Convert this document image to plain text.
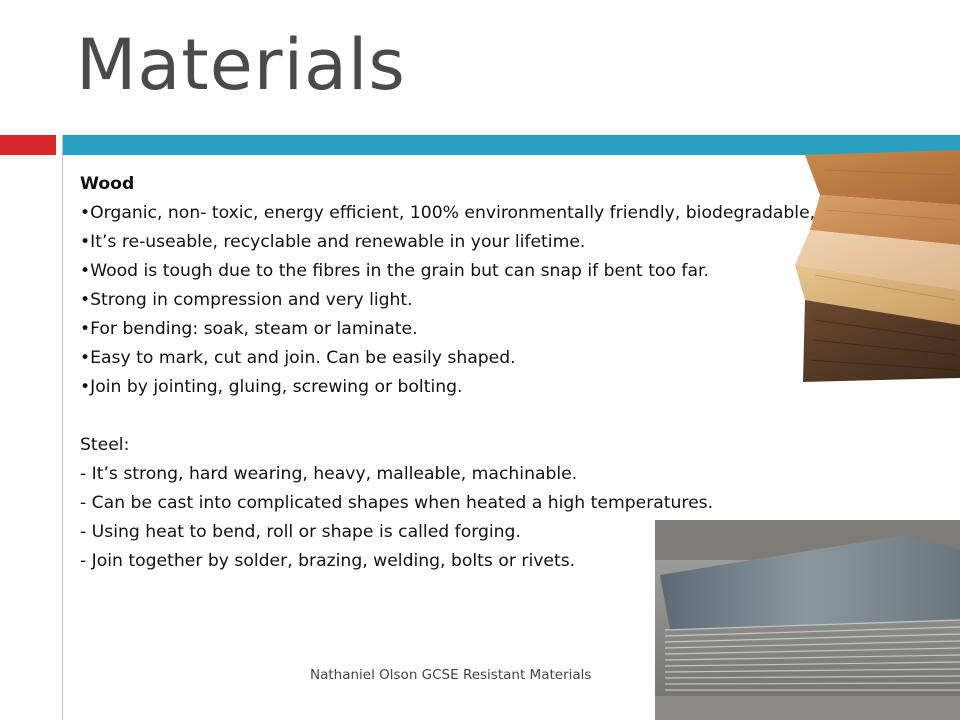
Materials
Wood
•Organic, non- toxic, energy efficient, 100% environmentally friendly, biodegradable,
•It’s re-useable, recyclable and renewable in your lifetime.
•Wood is tough due to the fibres in the grain but can snap if bent too far.
•Strong in compression and very light.
•For bending: soak, steam or laminate.
•Easy to mark, cut and join. Can be easily shaped.
•Join by jointing, gluing, screwing or bolting.
Steel:
- It’s strong, hard wearing, heavy, malleable, machinable.
- Can be cast into complicated shapes when heated a high temperatures.
- Using heat to bend, roll or shape is called forging.
- Join together by solder, brazing, welding, bolts or rivets.
Nathaniel Olson GCSE Resistant Materials
